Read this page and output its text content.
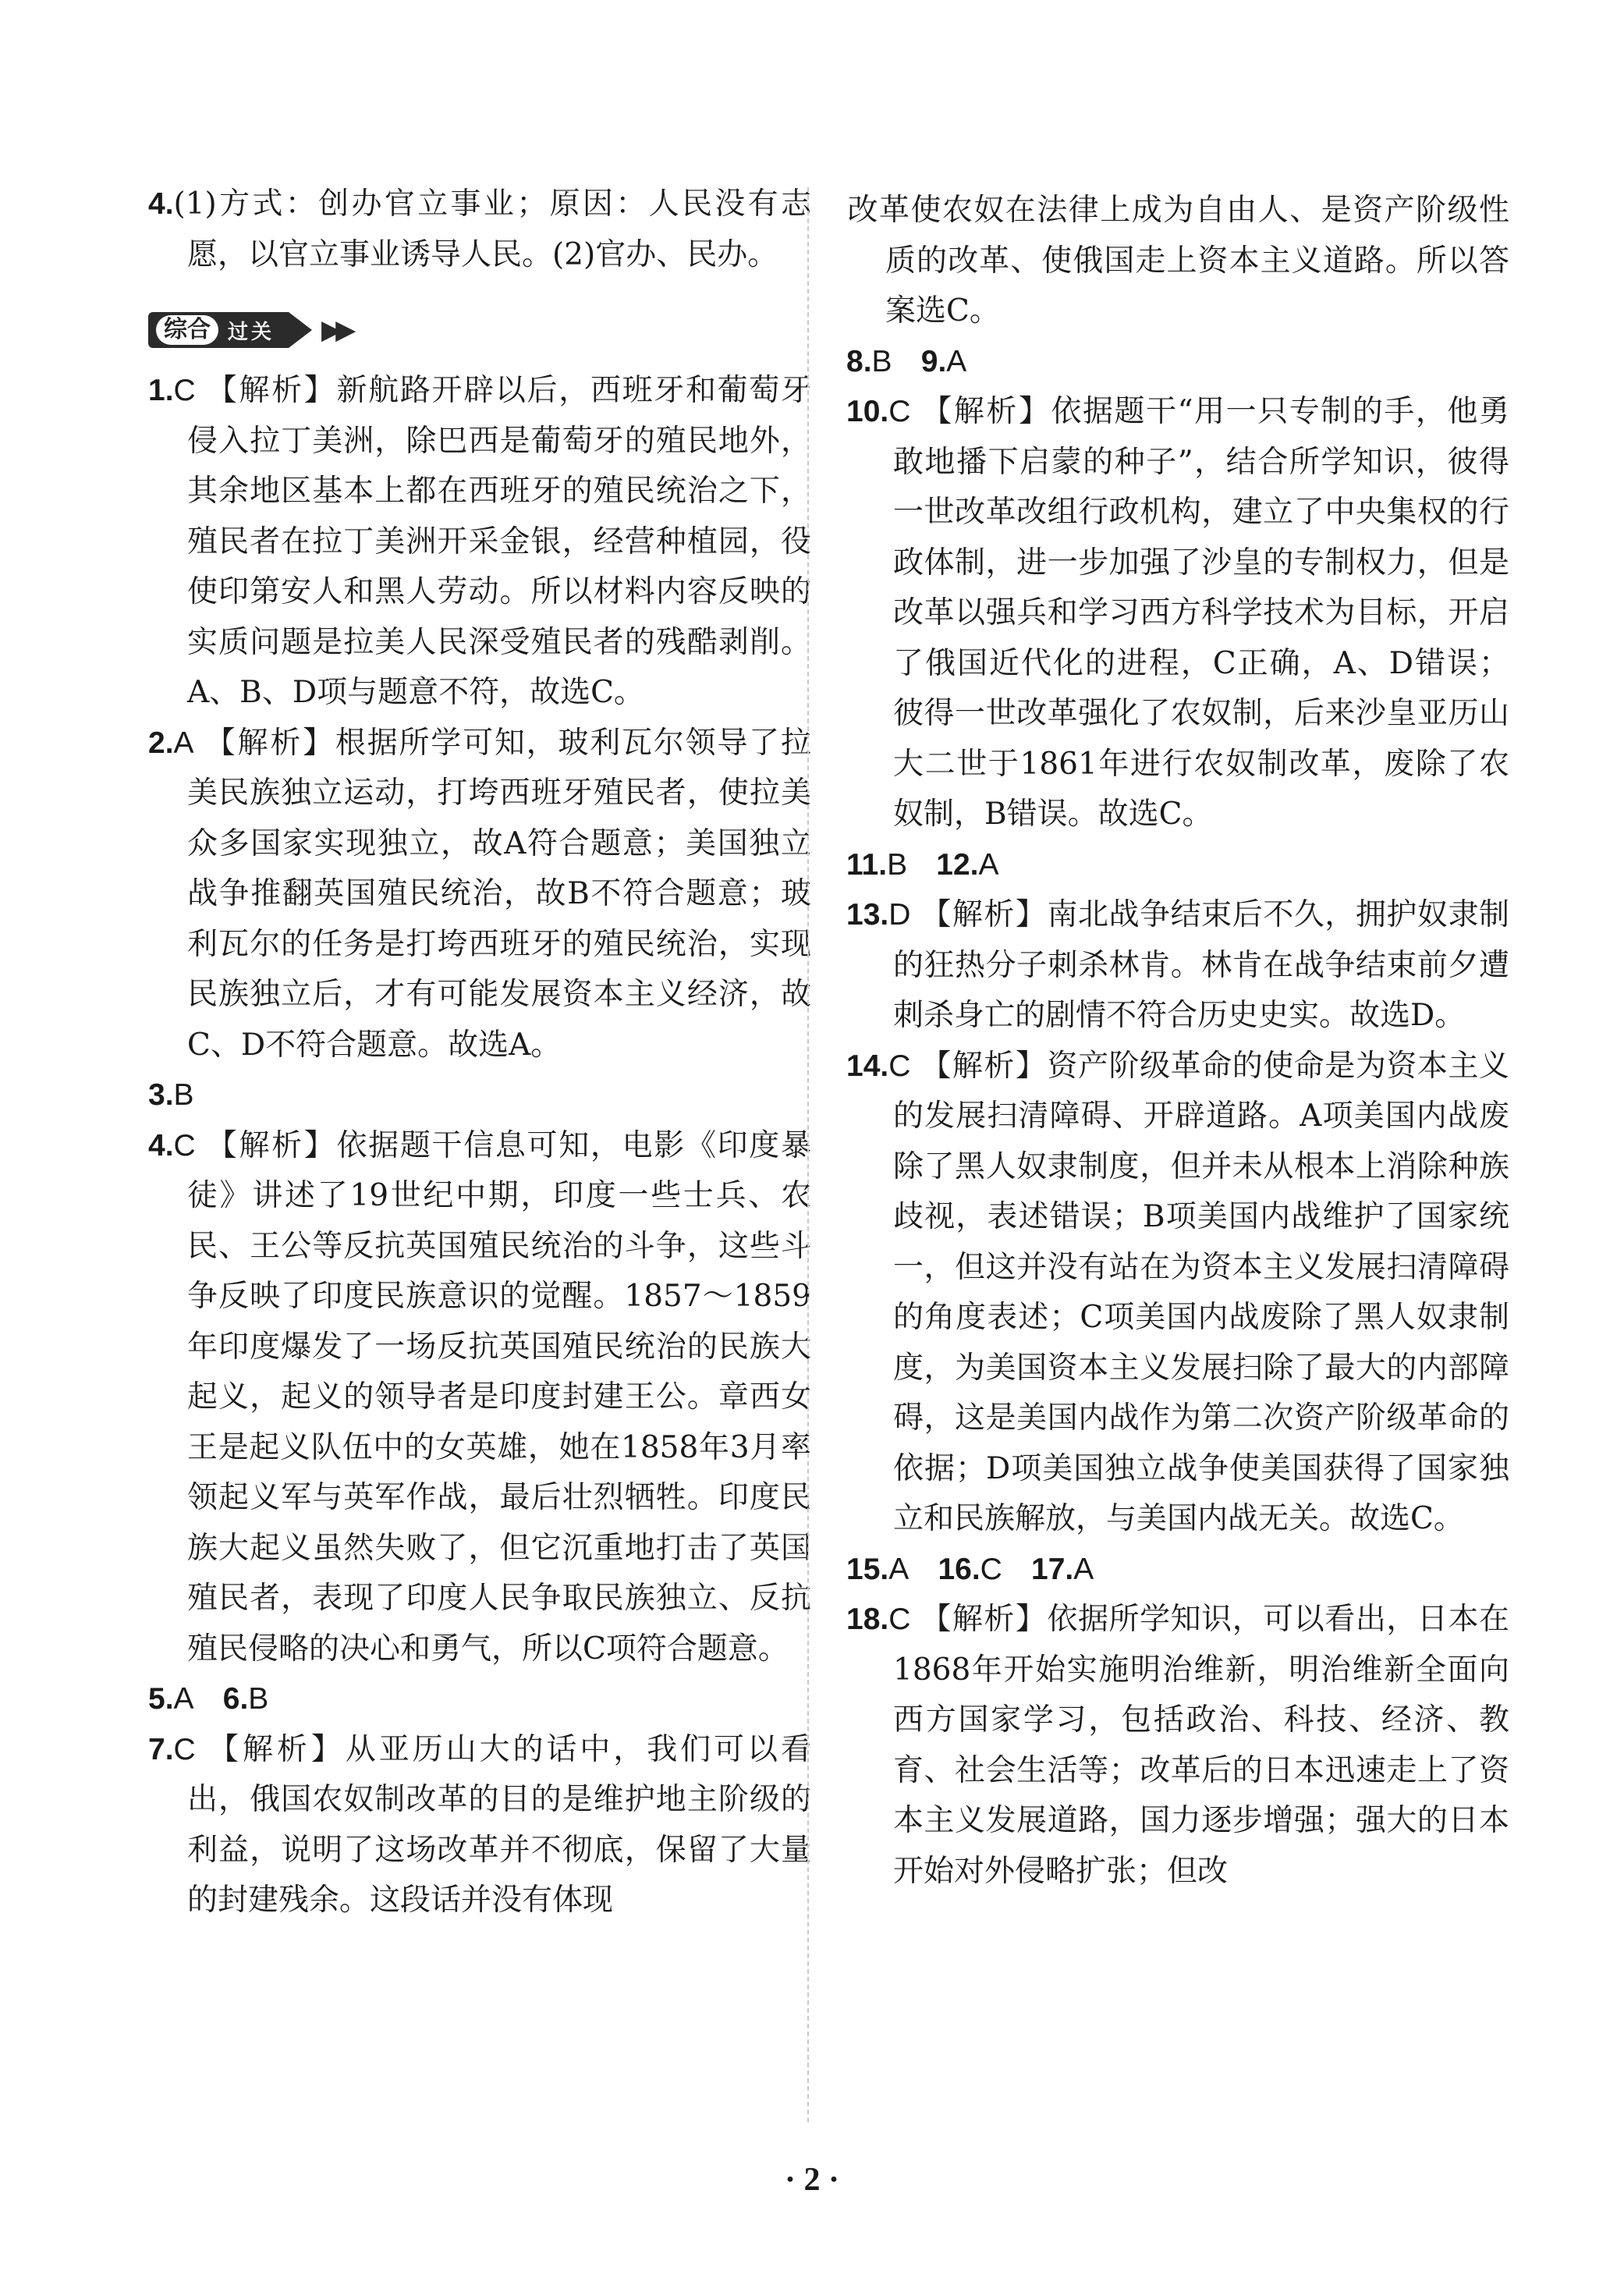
4.(1)方式：创办官立事业；原因：人民没有志愿，以官立事业诱导人民。(2)官办、民办。

综合 过关 ▶▶

1.C 【解析】新航路开辟以后，西班牙和葡萄牙侵入拉丁美洲，除巴西是葡萄牙的殖民地外，其余地区基本上都在西班牙的殖民统治之下，殖民者在拉丁美洲开采金银，经营种植园，役使印第安人和黑人劳动。所以材料内容反映的实质问题是拉美人民深受殖民者的残酷剥削。A、B、D项与题意不符，故选C。

2.A 【解析】根据所学可知，玻利瓦尔领导了拉美民族独立运动，打垮西班牙殖民者，使拉美众多国家实现独立，故A符合题意；美国独立战争推翻英国殖民统治，故B不符合题意；玻利瓦尔的任务是打垮西班牙的殖民统治，实现民族独立后，才有可能发展资本主义经济，故C、D不符合题意。故选A。

3.B

4.C 【解析】依据题干信息可知，电影《印度暴徒》讲述了19世纪中期，印度一些士兵、农民、王公等反抗英国殖民统治的斗争，这些斗争反映了印度民族意识的觉醒。1857～1859年印度爆发了一场反抗英国殖民统治的民族大起义，起义的领导者是印度封建王公。章西女王是起义队伍中的女英雄，她在1858年3月率领起义军与英军作战，最后壮烈牺牲。印度民族大起义虽然失败了，但它沉重地打击了英国殖民者，表现了印度人民争取民族独立、反抗殖民侵略的决心和勇气，所以C项符合题意。

5.A 6.B

7.C 【解析】从亚历山大的话中，我们可以看出，俄国农奴制改革的目的是维护地主阶级的利益，说明了这场改革并不彻底，保留了大量的封建残余。这段话并没有体现

改革使农奴在法律上成为自由人、是资产阶级性质的改革、使俄国走上资本主义道路。所以答案选C。

8.B 9.A

10.C 【解析】依据题干“用一只专制的手，他勇敢地播下启蒙的种子”，结合所学知识，彼得一世改革改组行政机构，建立了中央集权的行政体制，进一步加强了沙皇的专制权力，但是改革以强兵和学习西方科学技术为目标，开启了俄国近代化的进程，C正确，A、D错误；彼得一世改革强化了农奴制，后来沙皇亚历山大二世于1861年进行农奴制改革，废除了农奴制，B错误。故选C。

11.B 12.A

13.D 【解析】南北战争结束后不久，拥护奴隶制的狂热分子刺杀林肯。林肯在战争结束前夕遭刺杀身亡的剧情不符合历史史实。故选D。

14.C 【解析】资产阶级革命的使命是为资本主义的发展扫清障碍、开辟道路。A项美国内战废除了黑人奴隶制度，但并未从根本上消除种族歧视，表述错误；B项美国内战维护了国家统一，但这并没有站在为资本主义发展扫清障碍的角度表述；C项美国内战废除了黑人奴隶制度，为美国资本主义发展扫除了最大的内部障碍，这是美国内战作为第二次资产阶级革命的依据；D项美国独立战争使美国获得了国家独立和民族解放，与美国内战无关。故选C。

15.A 16.C 17.A

18.C 【解析】依据所学知识，可以看出，日本在1868年开始实施明治维新，明治维新全面向西方国家学习，包括政治、科技、经济、教育、社会生活等；改革后的日本迅速走上了资本主义发展道路，国力逐步增强；强大的日本开始对外侵略扩张；但改

· 2 ·
